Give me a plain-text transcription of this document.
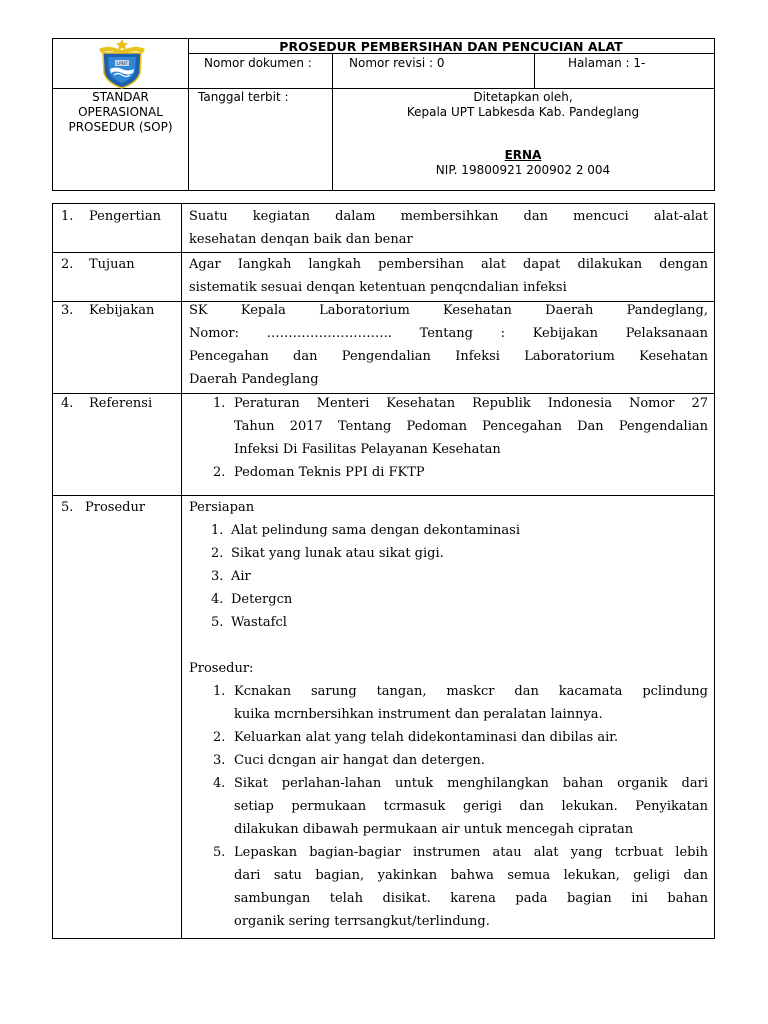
LPNT
PROSEDUR PEMBERSIHAN DAN PENCUCIAN ALAT
Nomor dokumen :	Nomor revisi : 0	Halaman : 1-
STANDAR
OPERASIONAL
PROSEDUR (SOP)
Tanggal terbit :	Ditetapkan oleh,
Kepala UPT Labkesda Kab. Pandeglang
ERNA
NIP. 19800921 200902 2 004
1. Pengertian Suatu kegiatan dalam membersihkan dan mencuci alat-alat
kesehatan denqan baik dan benar
2. Tujuan	Agar Iangkah langkah pembersihan alat dapat dilakukan dengan
sistematik sesuai denqan ketentuan penqcndalian infeksi
3. Kebijakan	SK Kepala Laboratorium Kesehatan Daerah Pandeglang,
Nomor: ……………………….. Tentang : Kebijakan Pelaksanaan
Pencegahan dan Pengendalian Infeksi Laboratorium Kesehatan
Daerah Pandeglang
4. Referensi	1. Peraturan Menteri Kesehatan Republik Indonesia Nomor 27
Tahun 2017 Tentang Pedoman Pencegahan Dan Pengendalian
Infeksi Di Fasilitas Pelayanan Kesehatan
2. Pedoman Teknis PPI di FKTP
5. Prosedur	Persiapan
1. Alat pelindung sama dengan dekontaminasi
2. Sikat yang lunak atau sikat gigi.
3. Air
4. Detergcn
5. Wastafcl
Prosedur:
1. Kcnakan sarung tangan, maskcr dan kacamata pclindung
kuika mcrnbersihkan instrument dan peralatan lainnya.
2. Keluarkan alat yang telah didekontaminasi dan dibilas air.
3. Cuci dcngan air hangat dan detergen.
4. Sikat perlahan-lahan untuk menghilangkan bahan organik dari
setiap permukaan tcrmasuk gerigi dan lekukan. Penyikatan
dilakukan dibawah permukaan air untuk mencegah cipratan
5. Lepaskan bagian-bagiar instrumen atau alat yang tcrbuat lebih
dari satu bagian, yakinkan bahwa semua lekukan, geligi dan
sambungan telah disikat. karena pada bagian ini bahan
organik sering terrsangkut/terlindung.
